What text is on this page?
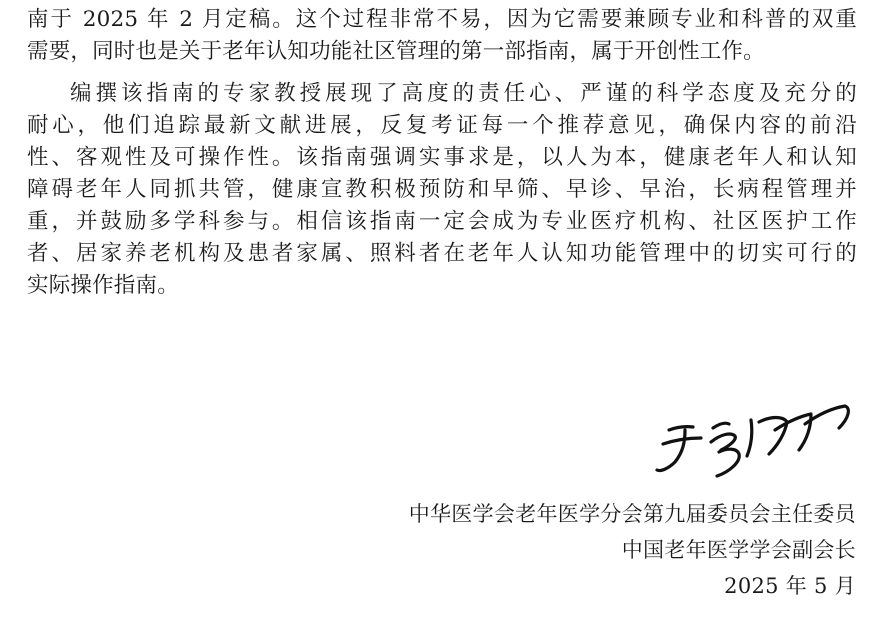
南于 2025 年 2 月定稿。这个过程非常不易，因为它需要兼顾专业和科普的双重
需要，同时也是关于老年认知功能社区管理的第一部指南，属于开创性工作。
编撰该指南的专家教授展现了高度的责任心、严谨的科学态度及充分的
耐心，他们追踪最新文献进展，反复考证每一个推荐意见，确保内容的前沿
性、客观性及可操作性。该指南强调实事求是，以人为本，健康老年人和认知
障碍老年人同抓共管，健康宣教积极预防和早筛、早诊、早治，长病程管理并
重，并鼓励多学科参与。相信该指南一定会成为专业医疗机构、社区医护工作
者、居家养老机构及患者家属、照料者在老年人认知功能管理中的切实可行的
实际操作指南。
中华医学会老年医学分会第九届委员会主任委员
中国老年医学学会副会长
2025 年 5 月
